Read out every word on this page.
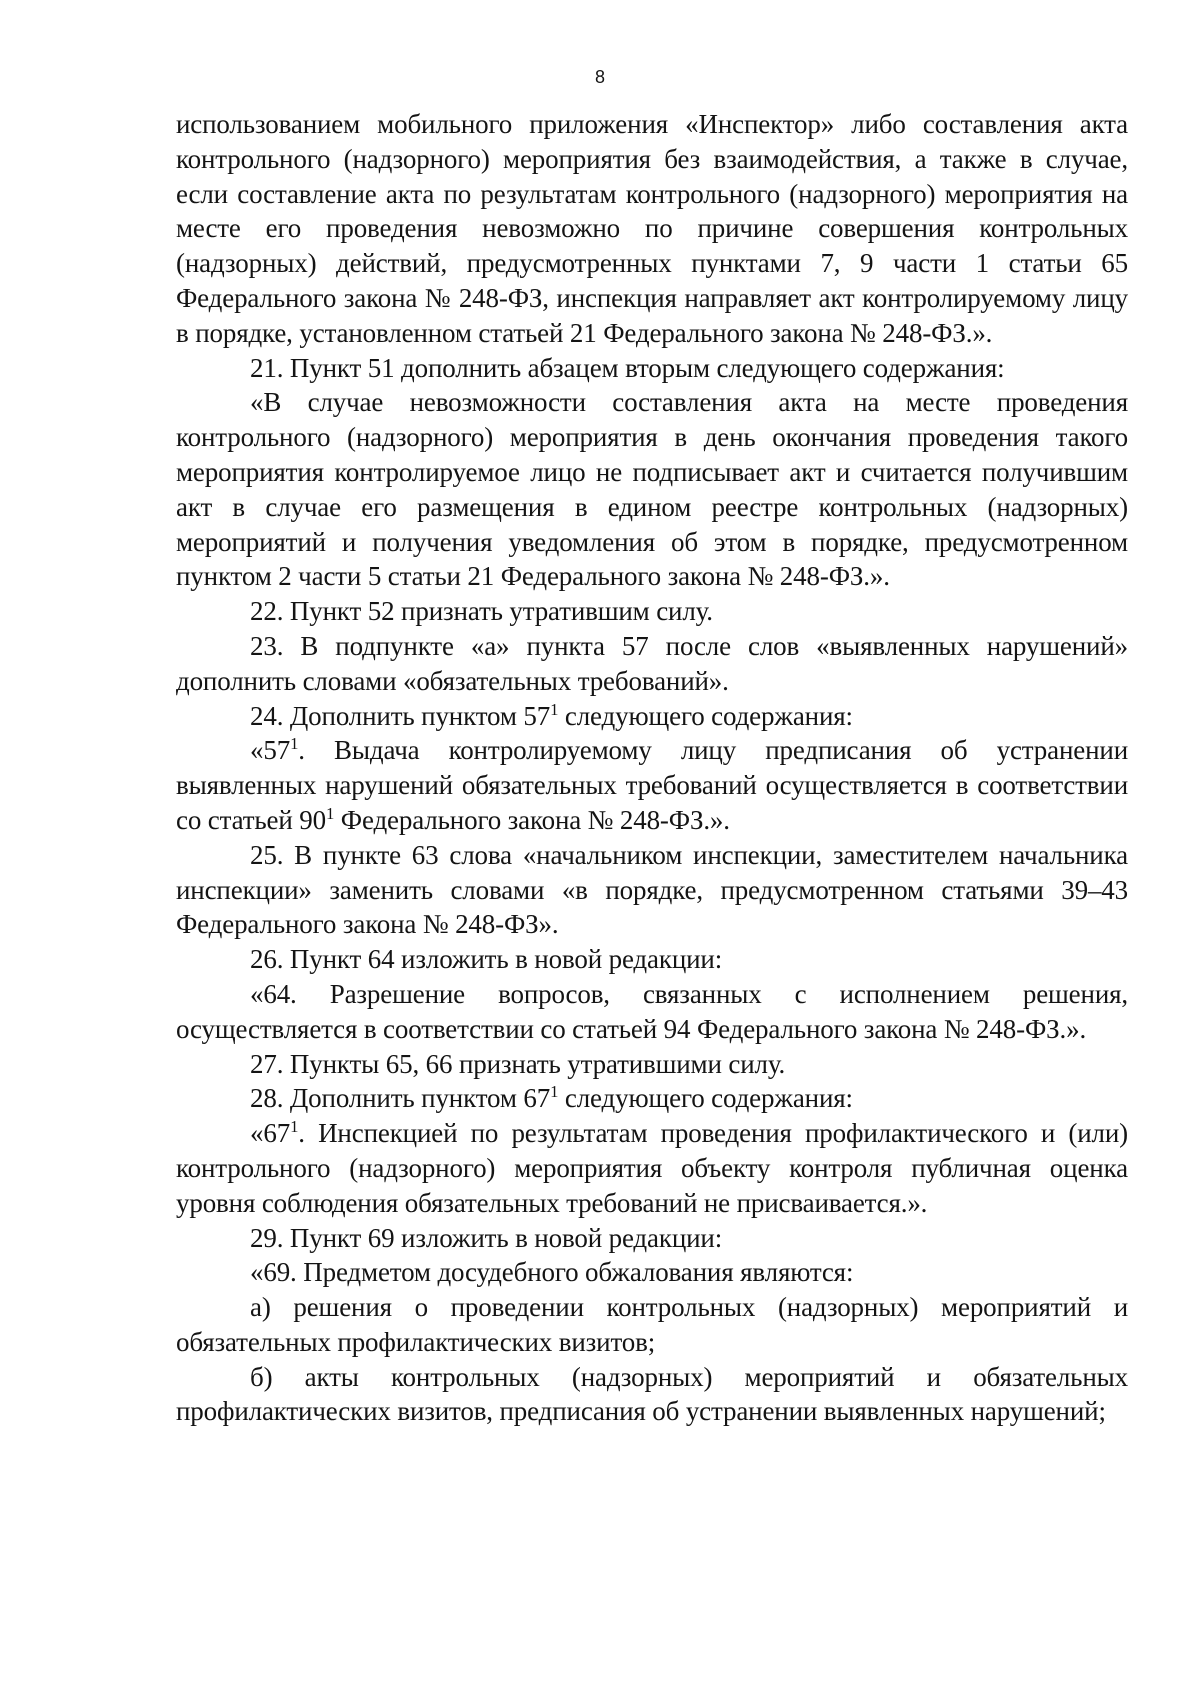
8

использованием мобильного приложения «Инспектор» либо составления акта контрольного (надзорного) мероприятия без взаимодействия, а также в случае, если составление акта по результатам контрольного (надзорного) мероприятия на месте его проведения невозможно по причине совершения контрольных (надзорных) действий, предусмотренных пунктами 7, 9 части 1 статьи 65 Федерального закона № 248-ФЗ, инспекция направляет акт контролируемому лицу в порядке, установленном статьей 21 Федерального закона № 248-ФЗ.».

21. Пункт 51 дополнить абзацем вторым следующего содержания:

«В случае невозможности составления акта на месте проведения контрольного (надзорного) мероприятия в день окончания проведения такого мероприятия контролируемое лицо не подписывает акт и считается получившим акт в случае его размещения в едином реестре контрольных (надзорных) мероприятий и получения уведомления об этом в порядке, предусмотренном пунктом 2 части 5 статьи 21 Федерального закона № 248-ФЗ.».

22. Пункт 52 признать утратившим силу.

23. В подпункте «а» пункта 57 после слов «выявленных нарушений» дополнить словами «обязательных требований».

24. Дополнить пунктом $57^1$ следующего содержания:

«$57^1$. Выдача контролируемому лицу предписания об устранении выявленных нарушений обязательных требований осуществляется в соответствии со статьей $90^1$ Федерального закона № 248-ФЗ.».

25. В пункте 63 слова «начальником инспекции, заместителем начальника инспекции» заменить словами «в порядке, предусмотренном статьями 39–43 Федерального закона № 248-ФЗ».

26. Пункт 64 изложить в новой редакции:

«64. Разрешение вопросов, связанных с исполнением решения, осуществляется в соответствии со статьей 94 Федерального закона № 248-ФЗ.».

27. Пункты 65, 66 признать утратившими силу.

28. Дополнить пунктом $67^1$ следующего содержания:

«$67^1$. Инспекцией по результатам проведения профилактического и (или) контрольного (надзорного) мероприятия объекту контроля публичная оценка уровня соблюдения обязательных требований не присваивается.».

29. Пункт 69 изложить в новой редакции:

«69. Предметом досудебного обжалования являются:

а) решения о проведении контрольных (надзорных) мероприятий и обязательных профилактических визитов;

б) акты контрольных (надзорных) мероприятий и обязательных профилактических визитов, предписания об устранении выявленных нарушений;
